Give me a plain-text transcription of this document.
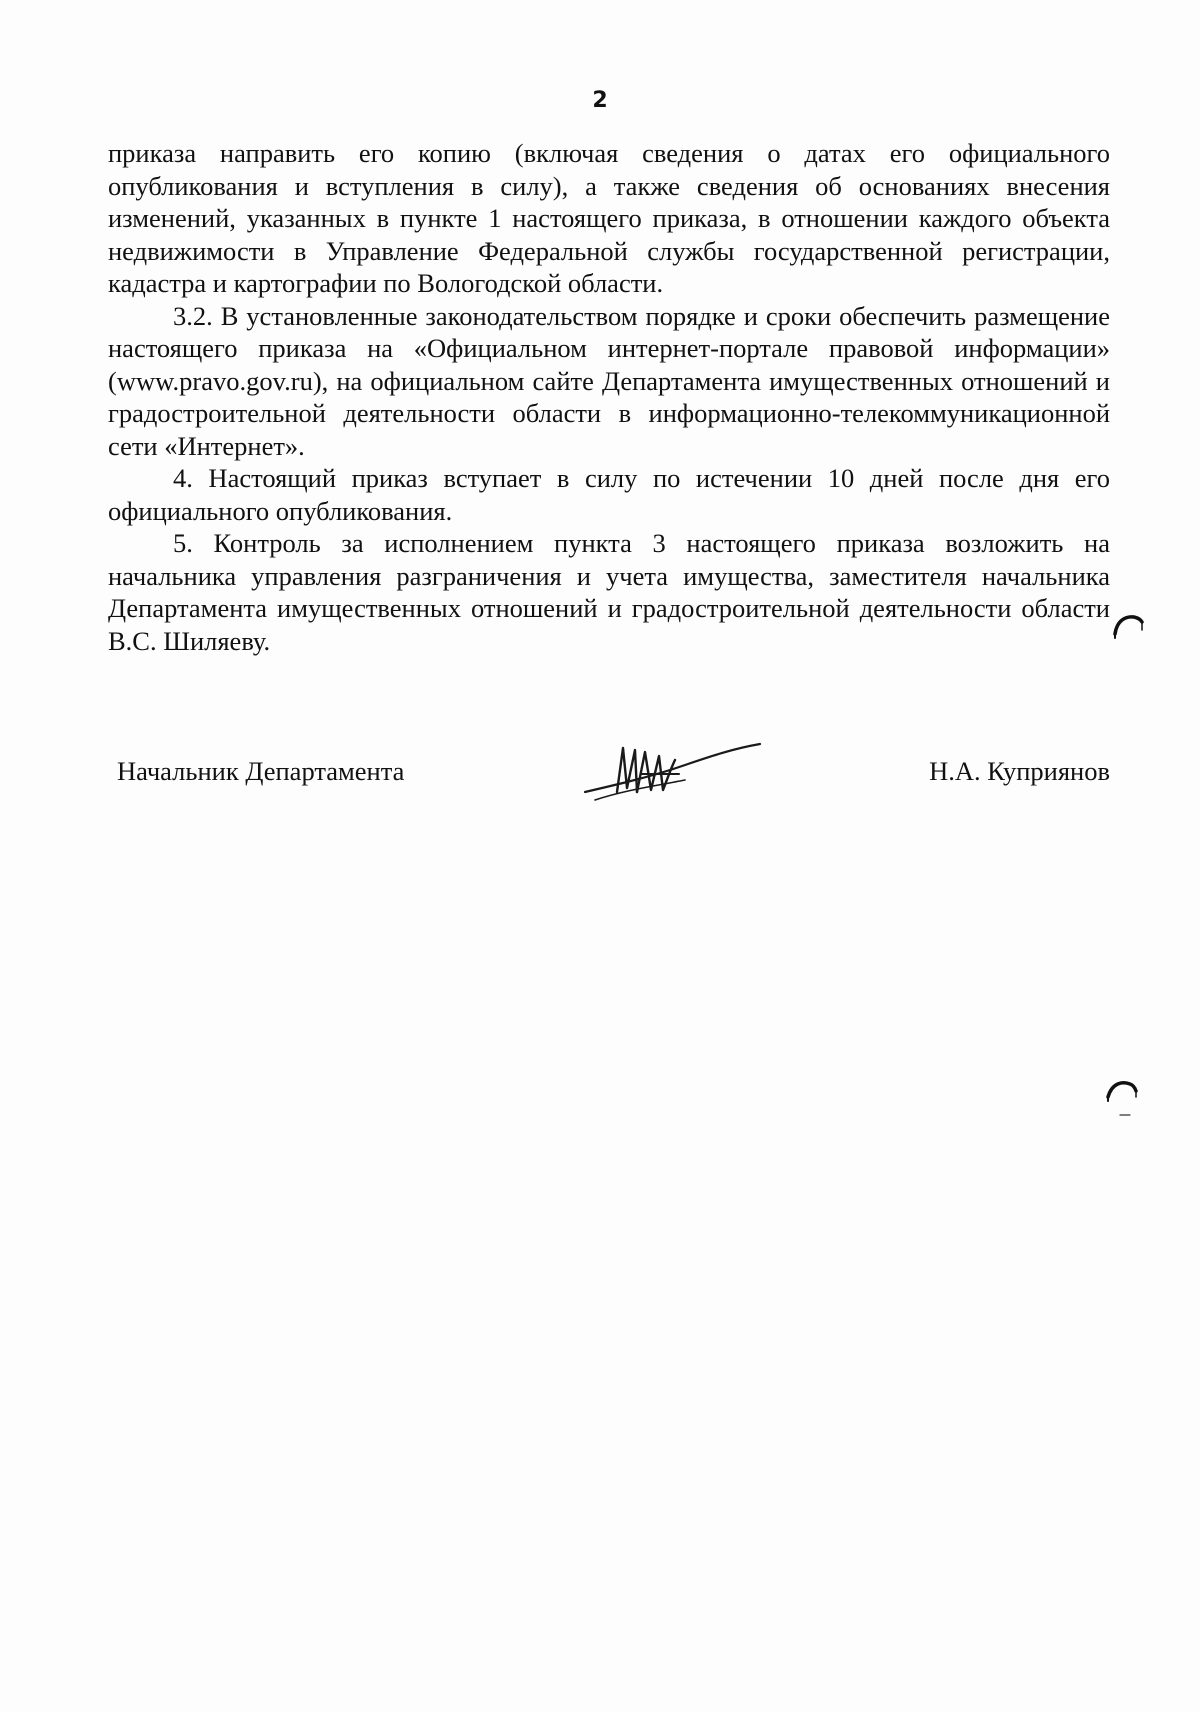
2

приказа направить его копию (включая сведения о датах его официального опубликования и вступления в силу), а также сведения об основаниях внесения изменений, указанных в пункте 1 настоящего приказа, в отношении каждого объекта недвижимости в Управление Федеральной службы государственной регистрации, кадастра и картографии по Вологодской области.

3.2. В установленные законодательством порядке и сроки обеспечить размещение настоящего приказа на «Официальном интернет-портале правовой информации» (www.pravo.gov.ru), на официальном сайте Департамента имущественных отношений и градостроительной деятельности области в информационно-телекоммуникационной сети «Интернет».

4. Настоящий приказ вступает в силу по истечении 10 дней после дня его официального опубликования.

5. Контроль за исполнением пункта 3 настоящего приказа возложить на начальника управления разграничения и учета имущества, заместителя начальника Департамента имущественных отношений и градостроительной деятельности области В.С. Шиляеву.

Начальник Департамента	Н.А. Куприянов
